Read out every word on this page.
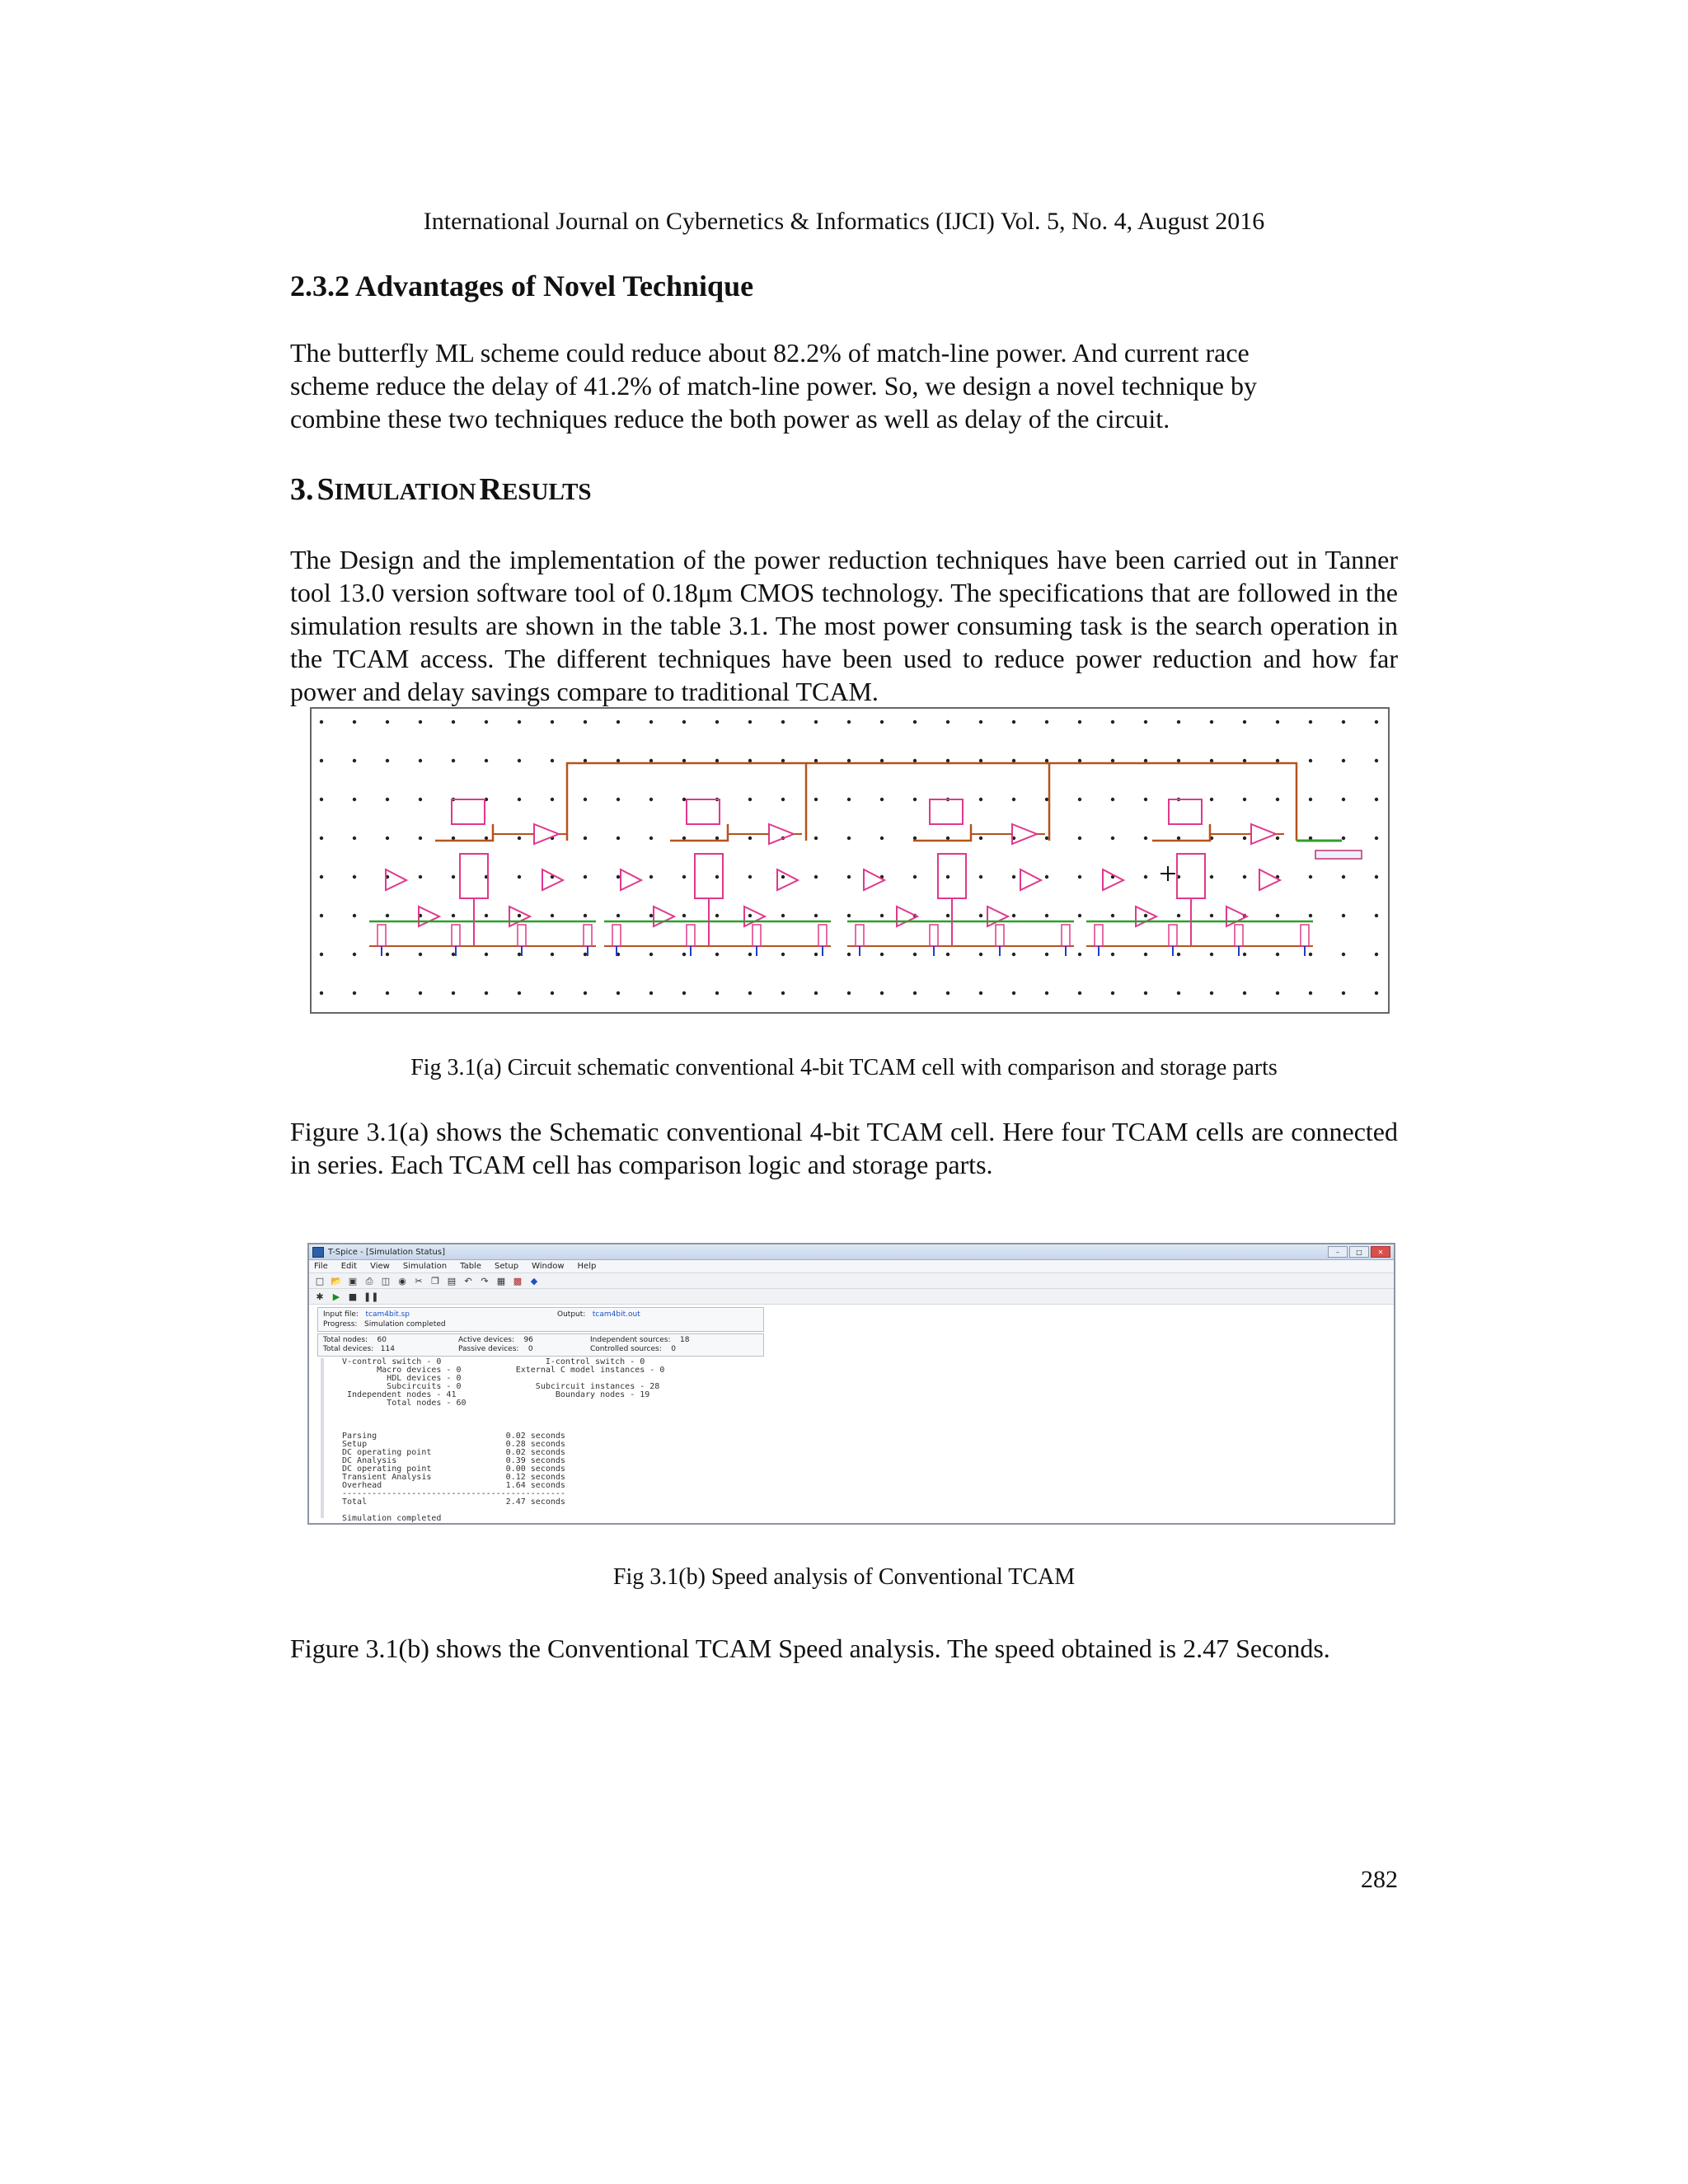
International Journal on Cybernetics & Informatics (IJCI) Vol. 5, No. 4, August 2016
2.3.2 Advantages of Novel Technique
The butterfly ML scheme could reduce about 82.2% of match-line power. And current race
scheme reduce the delay of 41.2% of match-line power. So, we design a novel technique by
combine these two techniques reduce the both power as well as delay of the circuit.
3. SIMULATION RESULTS
The Design and the implementation of the power reduction techniques have been carried out in Tanner tool 13.0 version software tool of 0.18μm CMOS technology. The specifications that are followed in the simulation results are shown in the table 3.1. The most power consuming task is the search operation in the TCAM access. The different techniques have been used to reduce power reduction and how far power and delay savings compare to traditional TCAM.
Fig 3.1(a) Circuit schematic conventional 4-bit TCAM cell with comparison and storage parts
Figure 3.1(a) shows the Schematic conventional 4-bit TCAM cell. Here four TCAM cells are connected in series. Each TCAM cell has comparison logic and storage parts.
T-Spice - [Simulation Status]	–	□	✕
File Edit View Simulation Table Setup Window Help
□ 📂 ▣ ⎙ ◫ ◉ ✂ ❐ ▤ ↶ ↷ ▦ ▩ ◆
✱ ▶ ■ ❚❚
Input file: tcam4bit.sp	Output: tcam4bit.out
Progress: Simulation completed
Total nodes: 60	Active devices: 96	Independent sources: 18
Total devices: 114	Passive devices: 0	Controlled sources: 0
V-control switch - 0                     I-control switch - 0
Macro devices - 0           External C model instances - 0
HDL devices - 0
Subcircuits - 0               Subcircuit instances - 28
Independent nodes - 41                    Boundary nodes - 19
Total nodes - 60

Parsing                          0.02 seconds
Setup                            0.28 seconds
DC operating point               0.02 seconds
DC Analysis                      0.39 seconds
DC operating point               0.00 seconds
Transient Analysis               0.12 seconds
Overhead                         1.64 seconds
---------------------------------------------
Total                            2.47 seconds

Simulation completed
Fig 3.1(b) Speed analysis of Conventional TCAM
Figure 3.1(b) shows the Conventional TCAM Speed analysis. The speed obtained is 2.47 Seconds.
282
